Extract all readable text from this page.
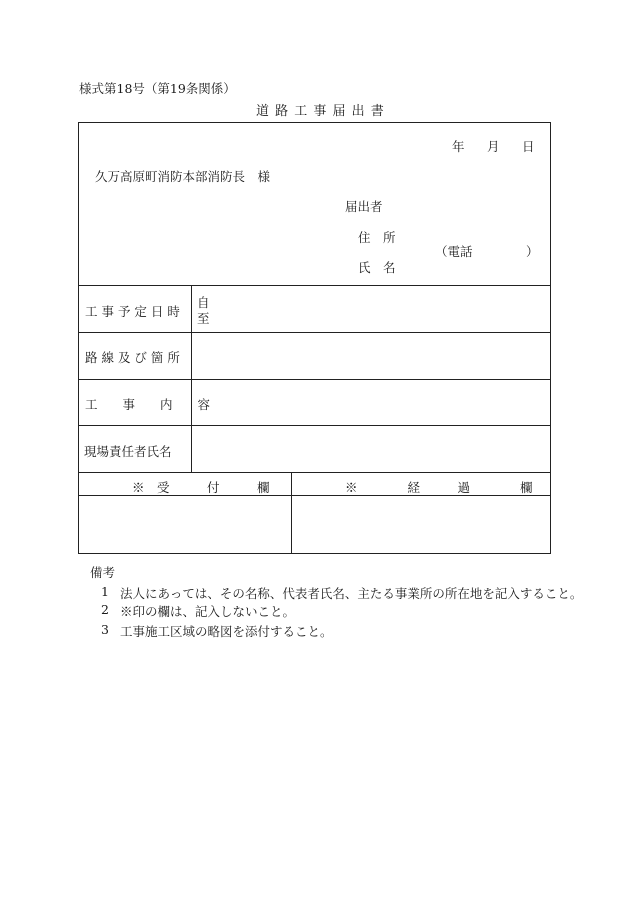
様式第18号（第19条関係）
道 路 工 事 届 出 書
年 月 日
久万高原町消防本部消防長　様
届出者
住　所
（電話	）
氏　名
工 事 予 定 日 時
路 線 及 び 箇 所
工　　事　　内　　容
現場責任者氏名
自
至
※　受　　　付　　　欄	※　　　　経　　　過　　　　欄
備考
1 法人にあっては、その名称、代表者氏名、主たる事業所の所在地を記入すること。
2 ※印の欄は、記入しないこと。
3 工事施工区域の略図を添付すること。
